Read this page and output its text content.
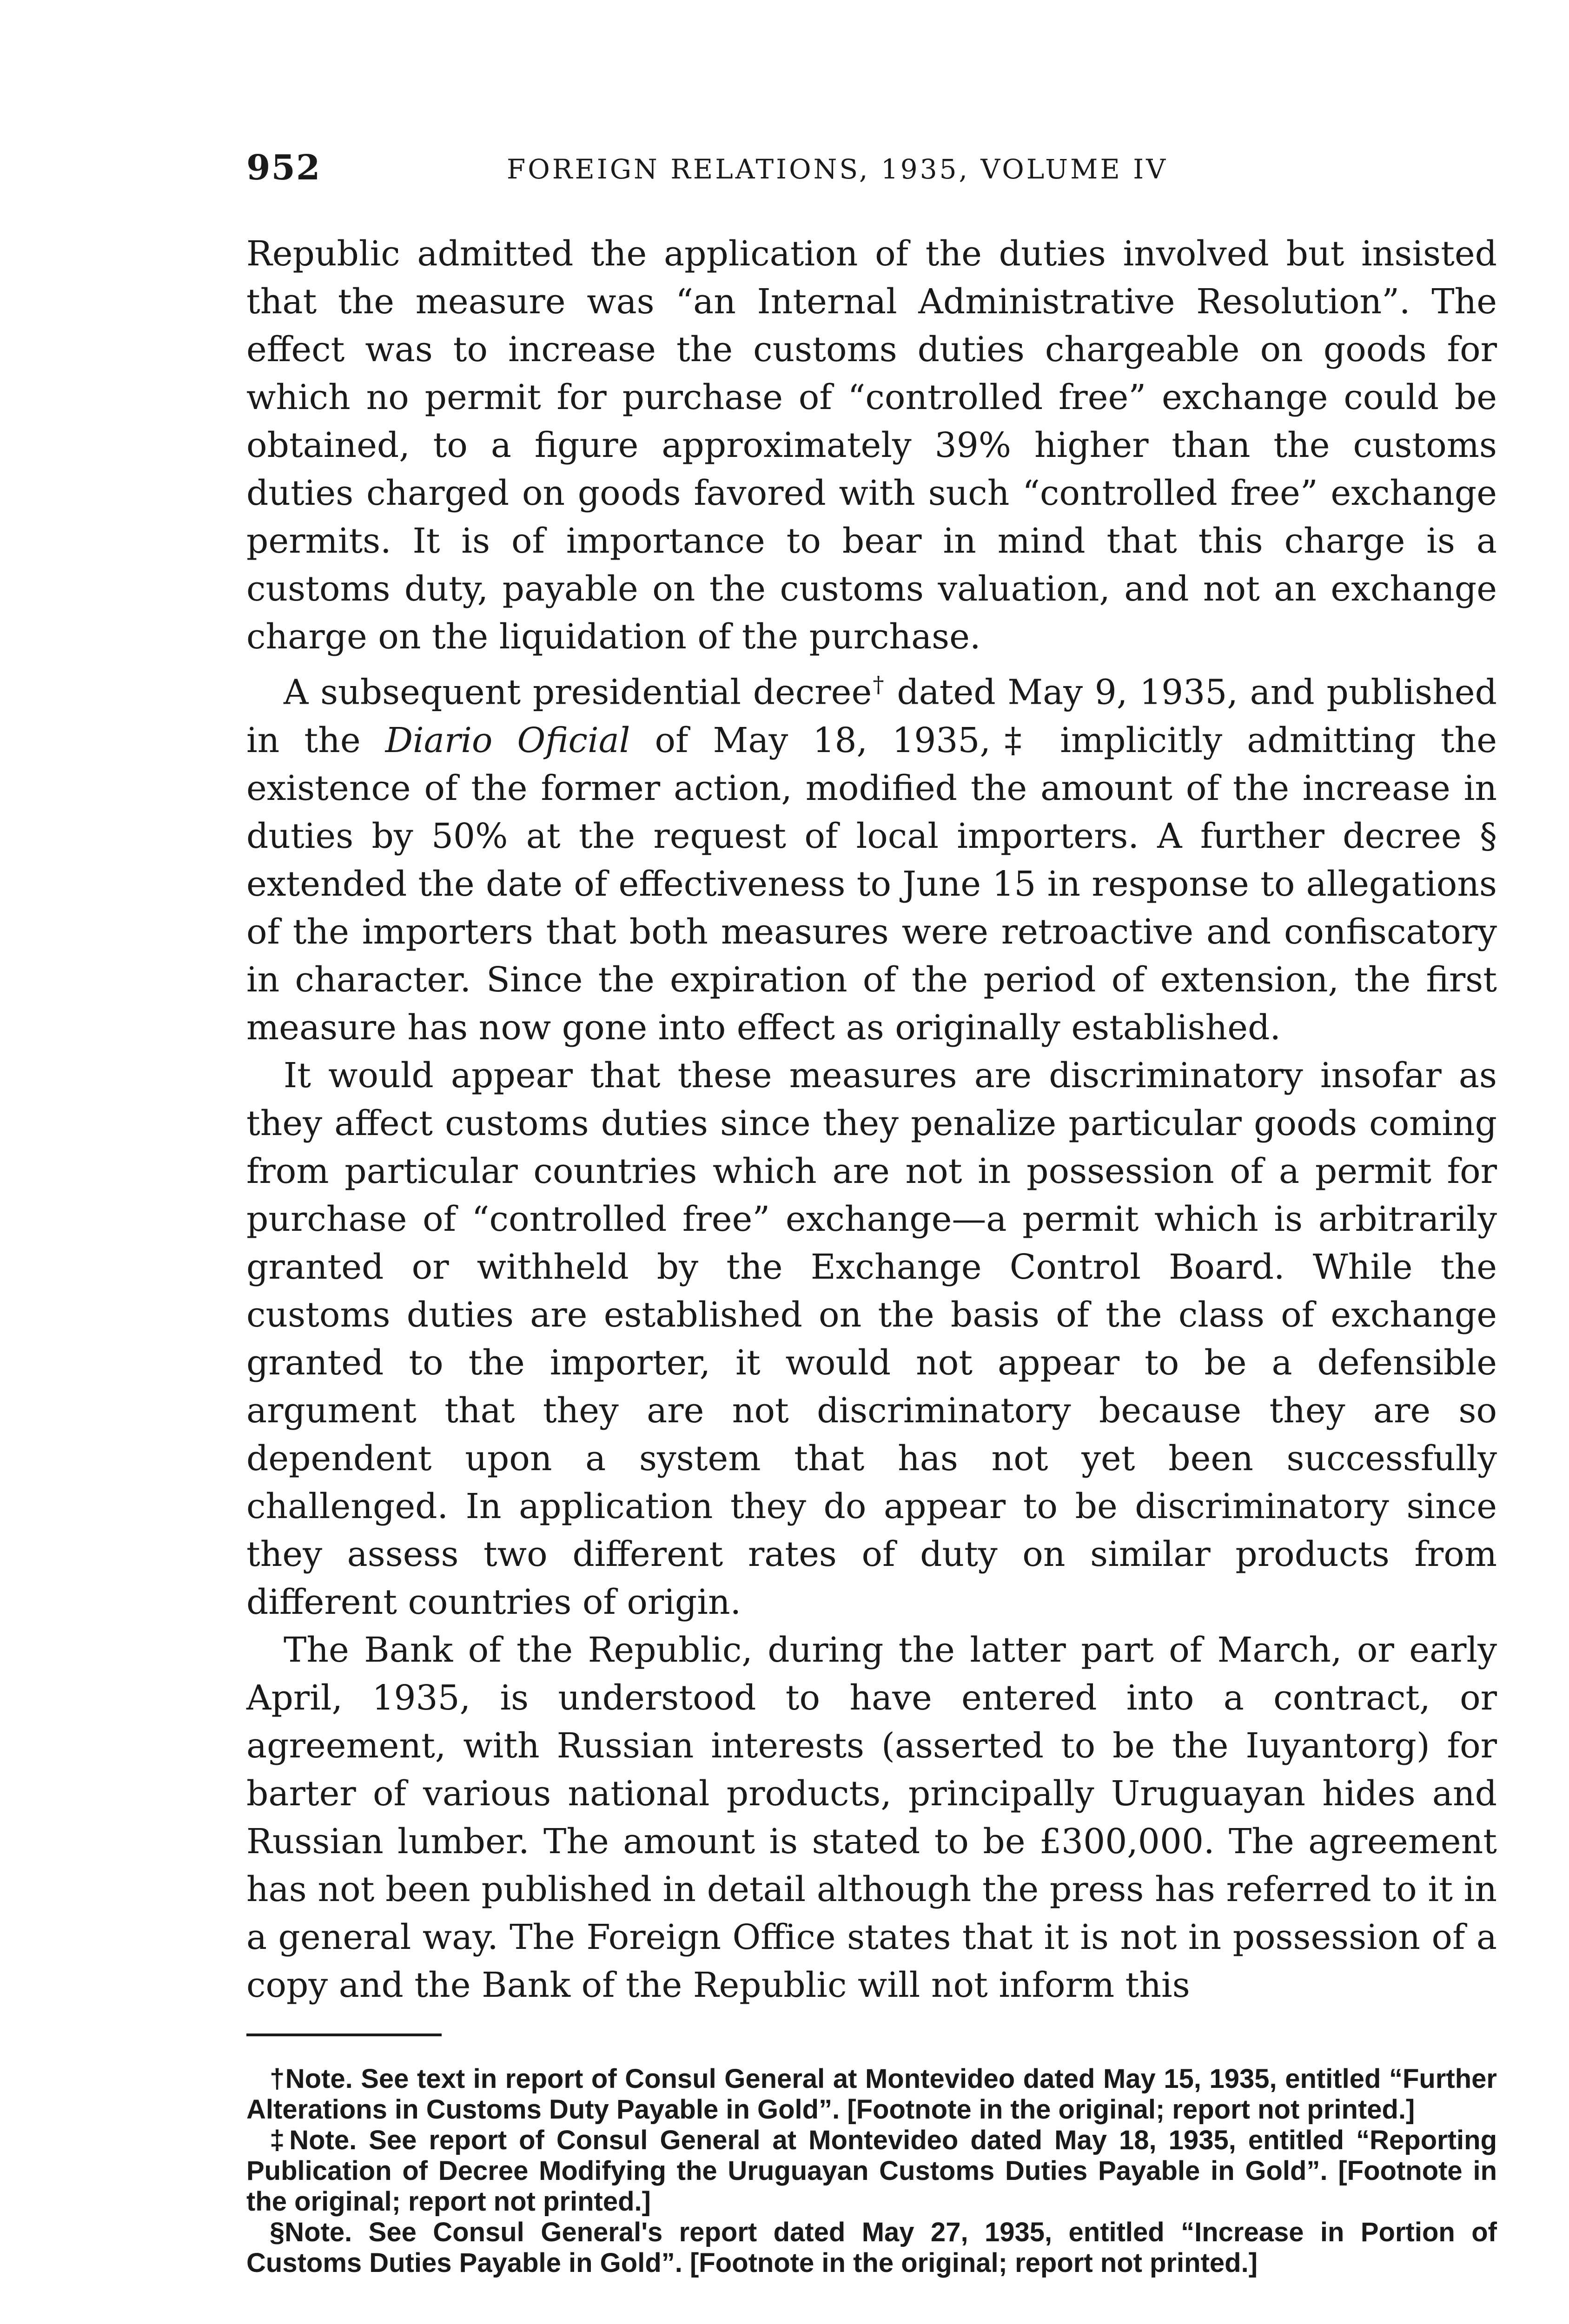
952	FOREIGN RELATIONS, 1935, VOLUME IV

Republic admitted the application of the duties involved but insisted that the measure was “an Internal Administrative Resolution”. The effect was to increase the customs duties chargeable on goods for which no permit for purchase of “controlled free” exchange could be obtained, to a figure approximately 39% higher than the customs duties charged on goods favored with such “controlled free” exchange permits. It is of importance to bear in mind that this charge is a customs duty, payable on the customs valuation, and not an exchange charge on the liquidation of the purchase.

A subsequent presidential decree† dated May 9, 1935, and published in the Diario Oficial of May 18, 1935,‡ implicitly admitting the existence of the former action, modified the amount of the increase in duties by 50% at the request of local importers. A further decree § extended the date of effectiveness to June 15 in response to allegations of the importers that both measures were retroactive and confiscatory in character. Since the expiration of the period of extension, the first measure has now gone into effect as originally established.

It would appear that these measures are discriminatory insofar as they affect customs duties since they penalize particular goods coming from particular countries which are not in possession of a permit for purchase of “controlled free” exchange—a permit which is arbitrarily granted or withheld by the Exchange Control Board. While the customs duties are established on the basis of the class of exchange granted to the importer, it would not appear to be a defensible argument that they are not discriminatory because they are so dependent upon a system that has not yet been successfully challenged. In application they do appear to be discriminatory since they assess two different rates of duty on similar products from different countries of origin.

The Bank of the Republic, during the latter part of March, or early April, 1935, is understood to have entered into a contract, or agreement, with Russian interests (asserted to be the Iuyantorg) for barter of various national products, principally Uruguayan hides and Russian lumber. The amount is stated to be £300,000. The agreement has not been published in detail although the press has referred to it in a general way. The Foreign Office states that it is not in possession of a copy and the Bank of the Republic will not inform this

†Note. See text in report of Consul General at Montevideo dated May 15, 1935, entitled “Further Alterations in Customs Duty Payable in Gold”. [Footnote in the original; report not printed.]

‡Note. See report of Consul General at Montevideo dated May 18, 1935, entitled “Reporting Publication of Decree Modifying the Uruguayan Customs Duties Payable in Gold”. [Footnote in the original; report not printed.]

§Note. See Consul General's report dated May 27, 1935, entitled “Increase in Portion of Customs Duties Payable in Gold”. [Footnote in the original; report not printed.]
